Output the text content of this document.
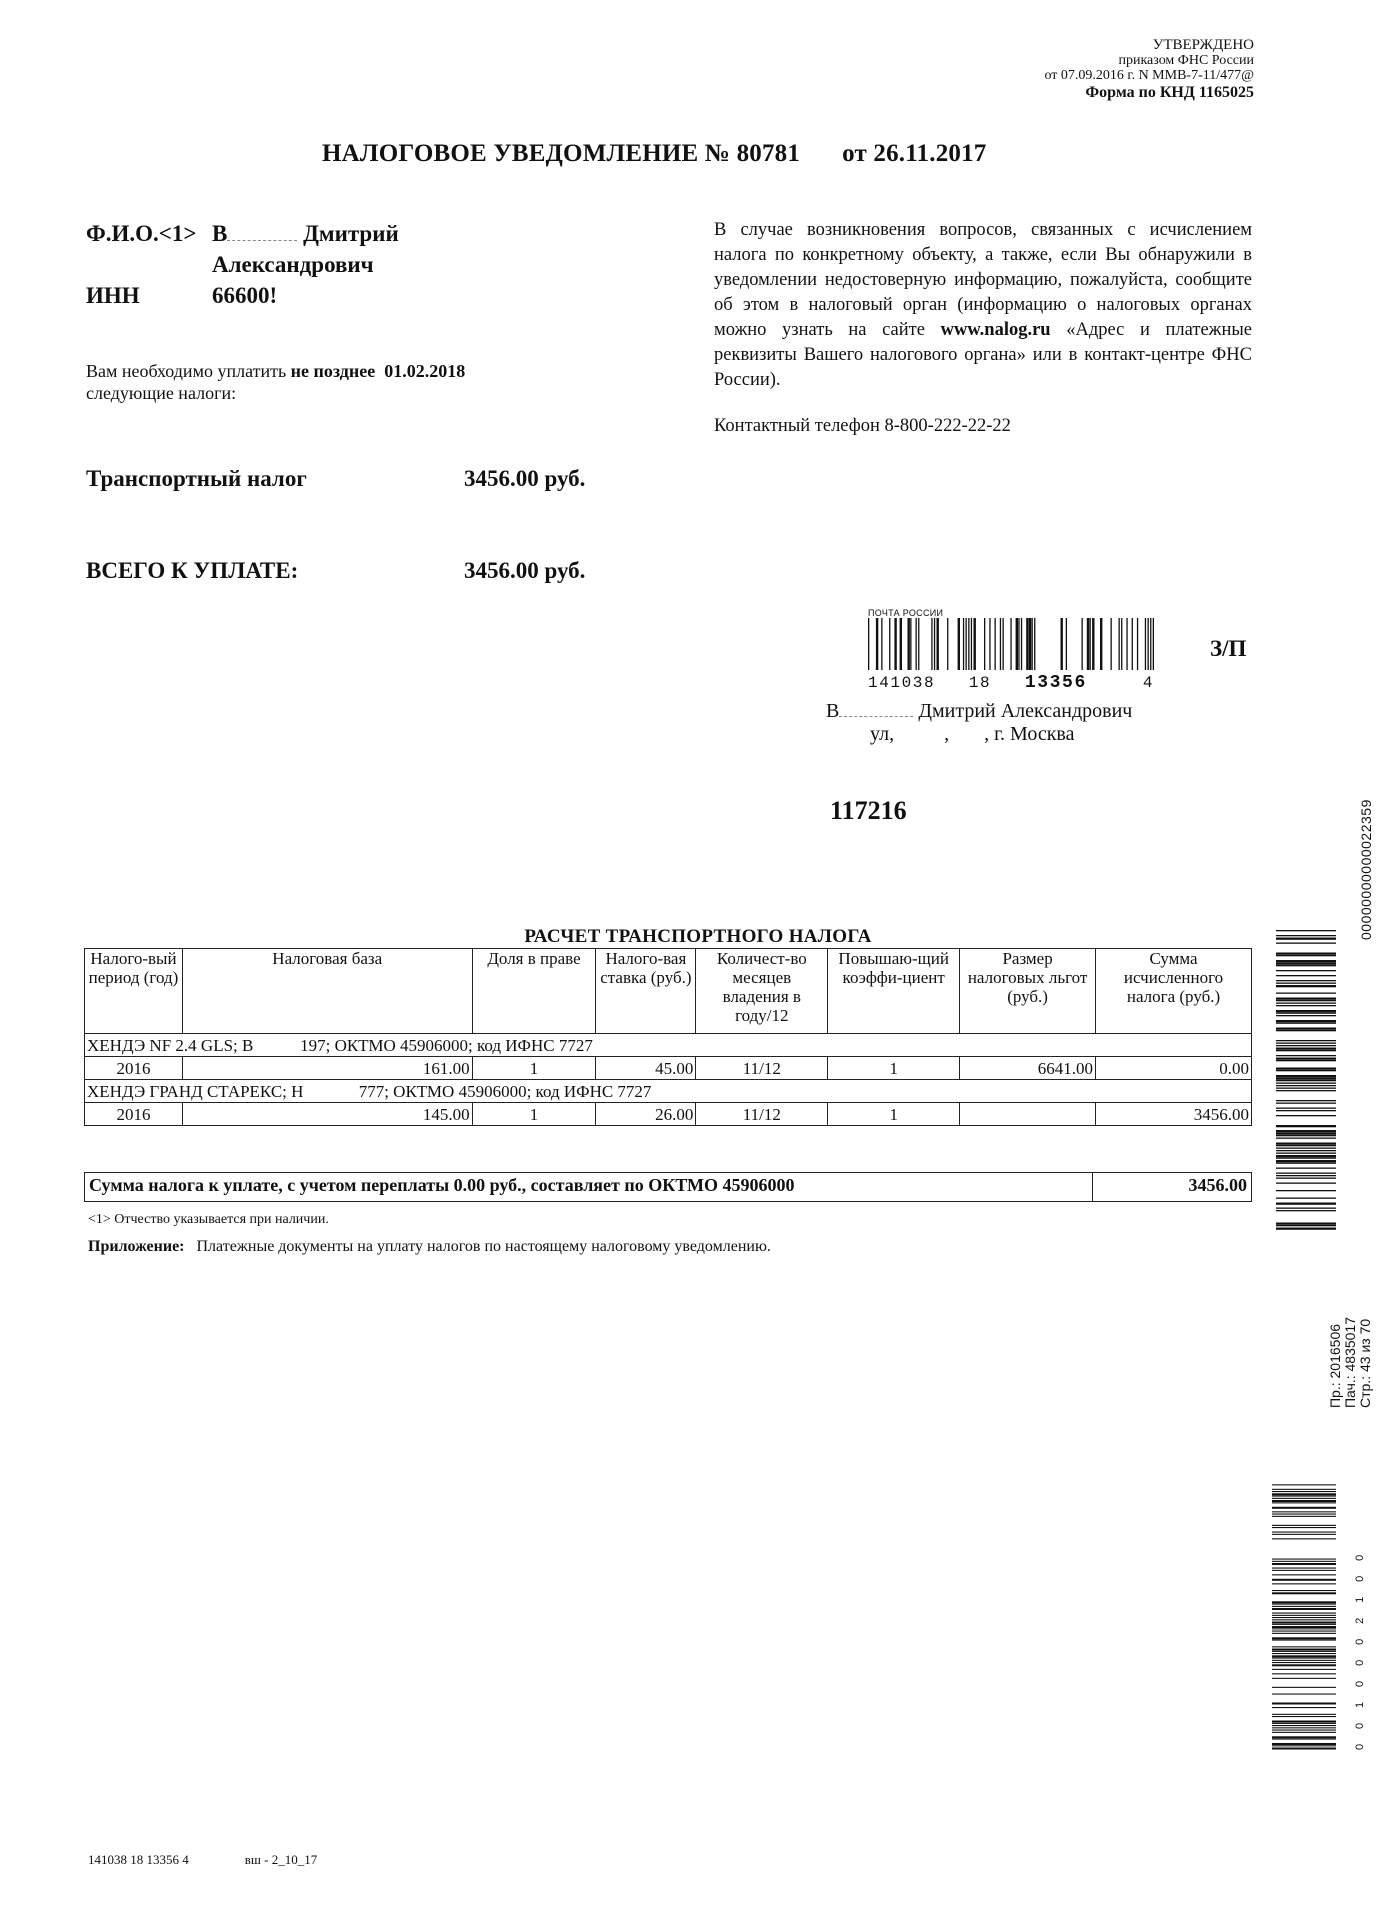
УТВЕРЖДЕНО
приказом ФНС России
от 07.09.2016 г. N ММВ-7-11/477@
Форма по КНД 1165025
НАЛОГОВОЕ УВЕДОМЛЕНИЕ № 80781 от 26.11.2017
Ф.И.О.<1> В	Дмитрий
Александрович
ИНН	66600!
В случае возникновения вопросов, связанных с исчислением налога по конкретному объекту, а также, если Вы обнаружили в уведомлении недостоверную информацию, пожалуйста, сообщите об этом в налоговый орган (информацию о налоговых органах можно узнать на сайте www.nalog.ru «Адрес и платежные реквизиты Вашего налогового органа» или в контакт-центре ФНС России).
Контактный телефон 8-800-222-22-22
Вам необходимо уплатить не позднее 01.02.2018
следующие налоги:
Транспортный налог	3456.00 руб.
ВСЕГО К УПЛАТЕ:	3456.00 руб.
ПОЧТА РОССИИ
141038 18 13356	4
З/П
В	Дмитрий Александрович
ул,	, , г. Москва
117216
РАСЧЕТ ТРАНСПОРТНОГО НАЛОГА
Налого-вый период (год)	Налоговая база	Доля в праве	Налого-вая ставка (руб.)	Количест-во месяцев владения в году/12	Повышаю-щий коэффи-циент	Размер налоговых льгот (руб.)	Сумма исчисленного налога (руб.)
ХЕНДЭ NF 2.4 GLS; В 197; ОКТМО 45906000; код ИФНС 7727							
2016	161.00	1	45.00	11/12	1	6641.00	0.00
ХЕНДЭ ГРАНД СТАРЕКС; Н 777; ОКТМО 45906000; код ИФНС 7727							
2016	145.00	1	26.00	11/12	1		3456.00
Сумма налога к уплате, с учетом переплаты 0.00 руб., составляет по ОКТМО 45906000	3456.00
<1> Отчество указывается при наличии.
Приложение: Платежные документы на уплату налогов по настоящему налоговому уведомлению.
00000000000022359
Пр.: 2016506 Пач.: 4835017 Стр.: 43 из 70
0010002100
141038 18 13356 4	вш - 2_10_17
